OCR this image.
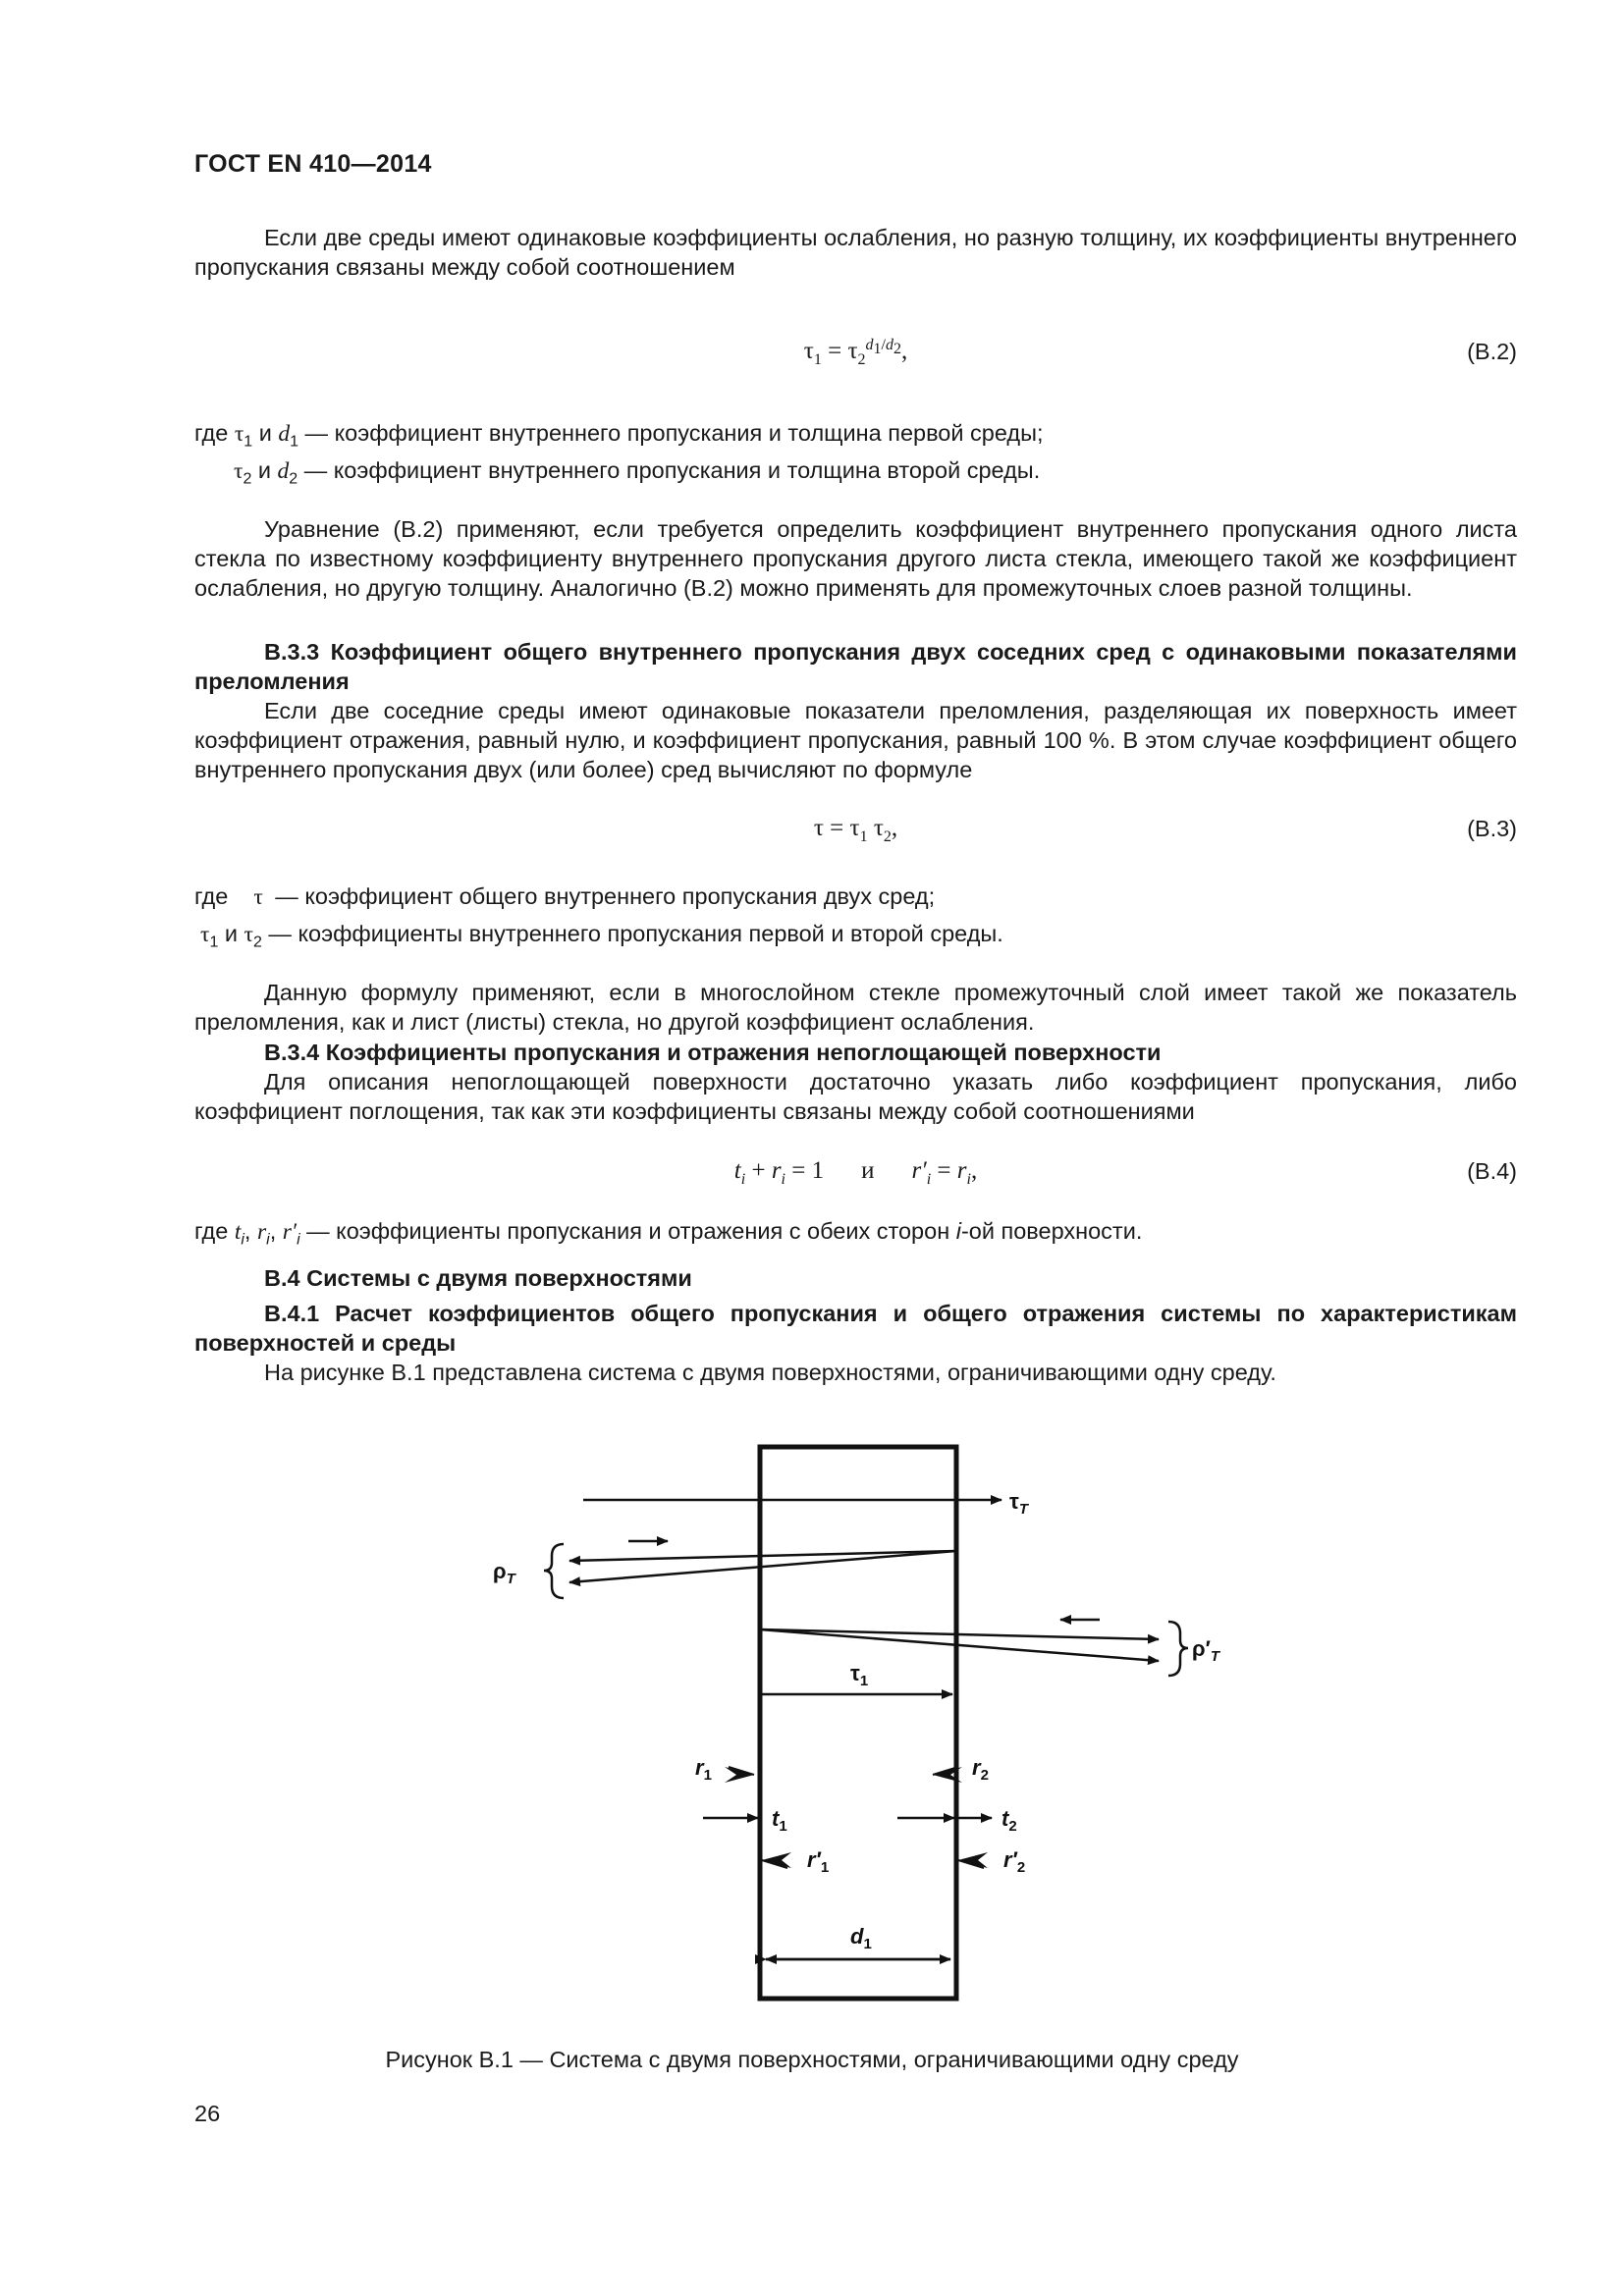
ГОСТ EN 410—2014
Если две среды имеют одинаковые коэффициенты ослабления, но разную толщину, их коэффициенты внутреннего пропускания связаны между собой соотношением
$\tau_1 = \tau_2^{d_1/d_2}$,	(B.2)
где $\tau_1$ и $d_1$ — коэффициент внутреннего пропускания и толщина первой среды;
$\tau_2$ и $d_2$ — коэффициент внутреннего пропускания и толщина второй среды.
Уравнение (B.2) применяют, если требуется определить коэффициент внутреннего пропускания одного листа стекла по известному коэффициенту внутреннего пропускания другого листа стекла, имеющего такой же коэффициент ослабления, но другую толщину. Аналогично (B.2) можно применять для промежуточных слоев разной толщины.
B.3.3 Коэффициент общего внутреннего пропускания двух соседних сред с одинаковыми показателями преломления
Если две соседние среды имеют одинаковые показатели преломления, разделяющая их поверхность имеет коэффициент отражения, равный нулю, и коэффициент пропускания, равный 100 %. В этом случае коэффициент общего внутреннего пропускания двух (или более) сред вычисляют по формуле
$\tau = \tau_1$ $\tau_2$,	(B.3)
где τ — коэффициент общего внутреннего пропускания двух сред;
$\tau_1$ и $\tau_2$ — коэффициенты внутреннего пропускания первой и второй среды.
Данную формулу применяют, если в многослойном стекле промежуточный слой имеет такой же показатель преломления, как и лист (листы) стекла, но другой коэффициент ослабления.
B.3.4 Коэффициенты пропускания и отражения непоглощающей поверхности
Для описания непоглощающей поверхности достаточно указать либо коэффициент пропускания, либо коэффициент поглощения, так как эти коэффициенты связаны между собой соотношениями
$t_i + r_i = 1$ и $r'_i = r_i$,	(B.4)
где $t_i$, $r_i$, $r'_i$ — коэффициенты пропускания и отражения с обеих сторон i-ой поверхности.
B.4 Системы с двумя поверхностями
B.4.1 Расчет коэффициентов общего пропускания и общего отражения системы по характеристикам поверхностей и среды
На рисунке B.1 представлена система с двумя поверхностями, ограничивающими одну среду.
$\tau_T$
$\rho_T$
$\rho'_T$
$\tau_1$
$r_1$	$r_2$
$t_1$	$t_2$
$r'_1$	$r'_2$
$d_1$
Рисунок B.1 — Система с двумя поверхностями, ограничивающими одну среду
26
